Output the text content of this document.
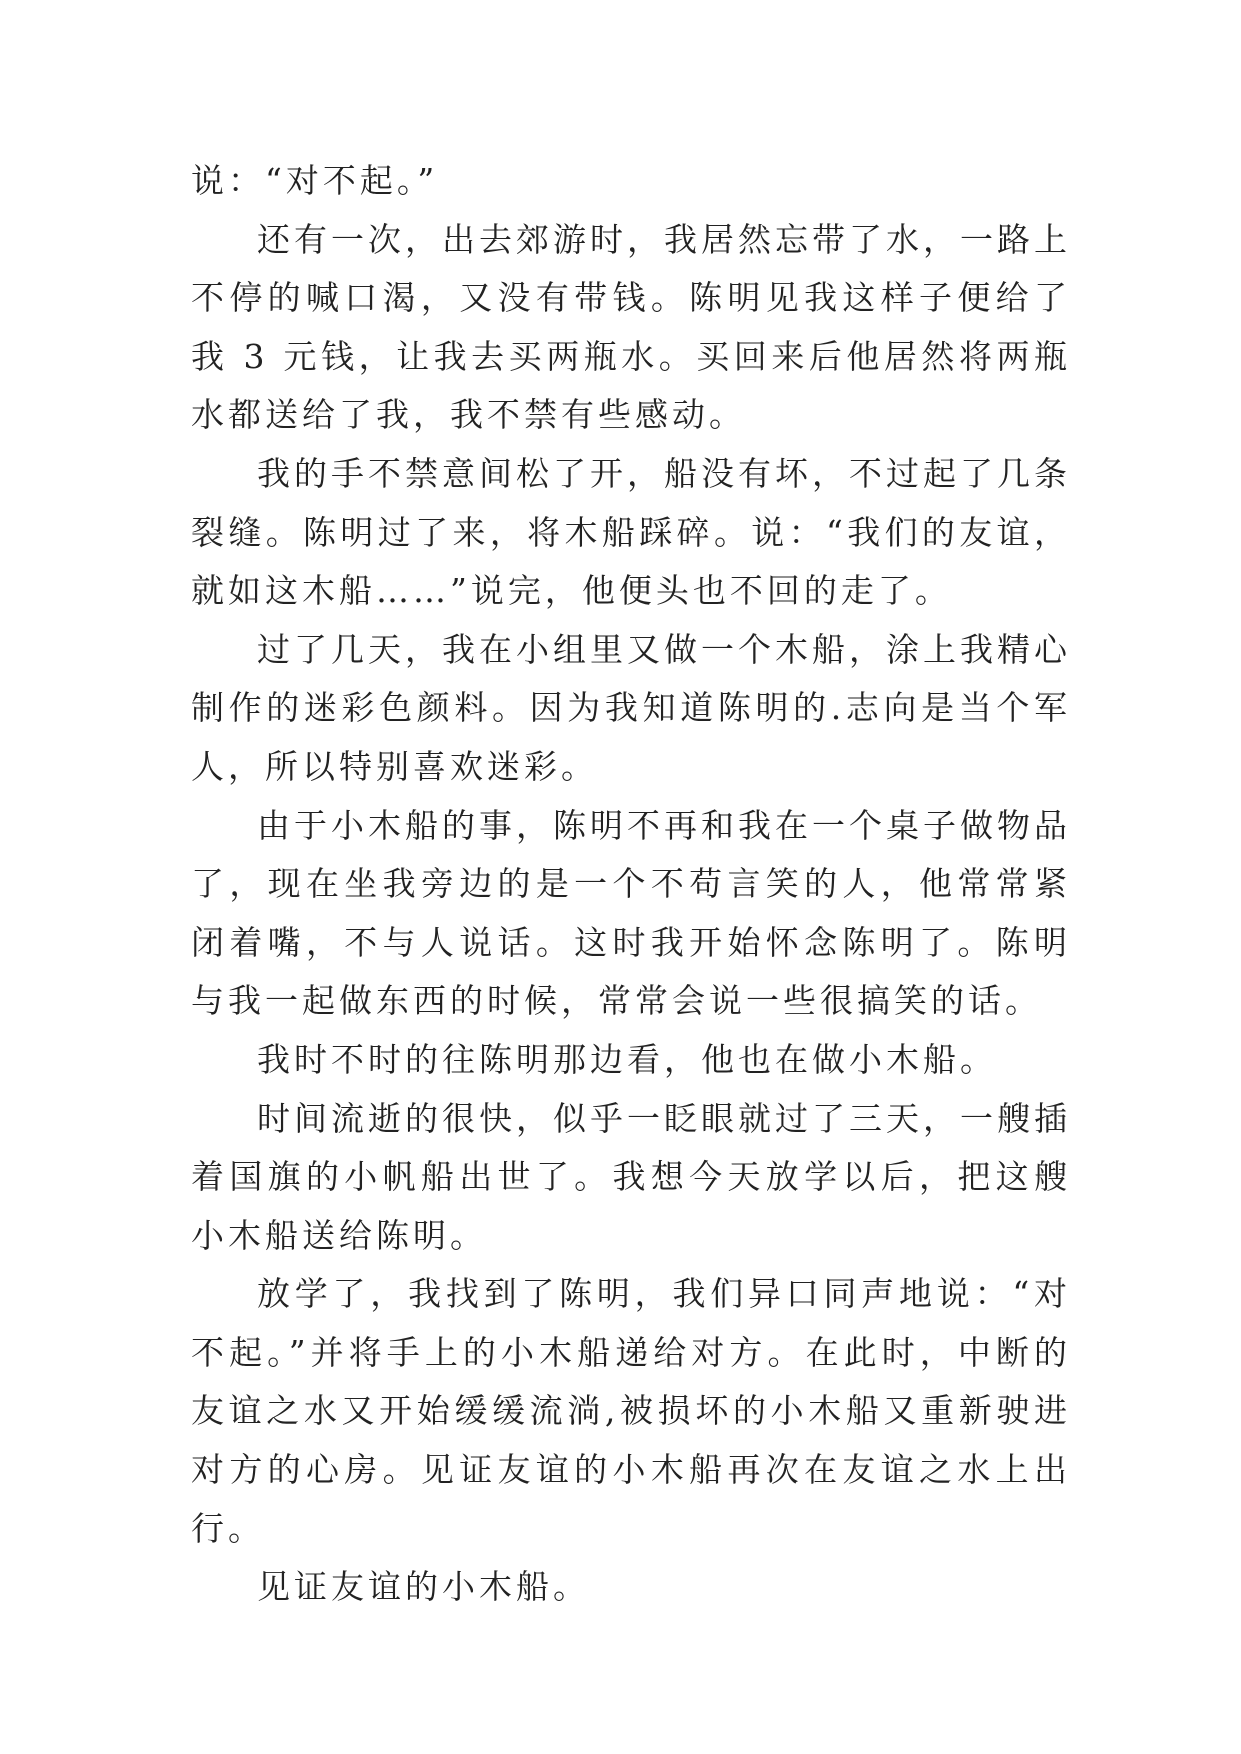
说：“对不起。”

还有一次，出去郊游时，我居然忘带了水，一路上不停的喊口渴，又没有带钱。陈明见我这样子便给了我 3 元钱，让我去买两瓶水。买回来后他居然将两瓶水都送给了我，我不禁有些感动。

我的手不禁意间松了开，船没有坏，不过起了几条裂缝。陈明过了来，将木船踩碎。说：“我们的友谊，就如这木船……”说完，他便头也不回的走了。

过了几天，我在小组里又做一个木船，涂上我精心制作的迷彩色颜料。因为我知道陈明的.志向是当个军人，所以特别喜欢迷彩。

由于小木船的事，陈明不再和我在一个桌子做物品了，现在坐我旁边的是一个不苟言笑的人，他常常紧闭着嘴，不与人说话。这时我开始怀念陈明了。陈明与我一起做东西的时候，常常会说一些很搞笑的话。

我时不时的往陈明那边看，他也在做小木船。

时间流逝的很快，似乎一眨眼就过了三天，一艘插着国旗的小帆船出世了。我想今天放学以后，把这艘小木船送给陈明。

放学了，我找到了陈明，我们异口同声地说：“对不起。”并将手上的小木船递给对方。在此时，中断的友谊之水又开始缓缓流淌,被损坏的小木船又重新驶进对方的心房。见证友谊的小木船再次在友谊之水上出行。

见证友谊的小木船。
